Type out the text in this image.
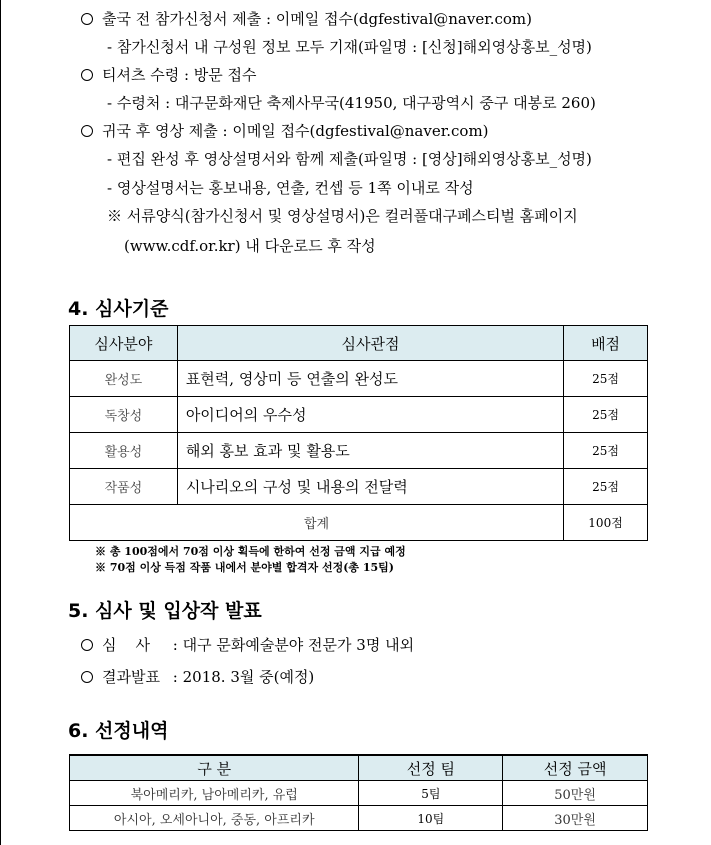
출국 전 참가신청서 제출 : 이메일 접수(dgfestival@naver.com)
- 참가신청서 내 구성원 정보 모두 기재(파일명 : [신청]해외영상홍보_성명)
티셔츠 수령 : 방문 접수
- 수령처 : 대구문화재단 축제사무국(41950, 대구광역시 중구 대봉로 260)
귀국 후 영상 제출 : 이메일 접수(dgfestival@naver.com)
- 편집 완성 후 영상설명서와 함께 제출(파일명 : [영상]해외영상홍보_성명)
- 영상설명서는 홍보내용, 연출, 컨셉 등 1쪽 이내로 작성
※ 서류양식(참가신청서 및 영상설명서)은 컬러풀대구페스티벌 홈페이지
(www.cdf.or.kr) 내 다운로드 후 작성
4. 심사기준
심사분야	심사관점	배점
완성도	표현력, 영상미 등 연출의 완성도	25점
독창성	아이디어의 우수성	25점
활용성	해외 홍보 효과 및 활용도	25점
작품성	시나리오의 구성 및 내용의 전달력	25점
합계		100점
※ 총 100점에서 70점 이상 획득에 한하여 선정 금액 지급 예정
※ 70점 이상 득점 작품 내에서 분야별 합격자 선정(총 15팀)
5. 심사 및 입상작 발표
심    사 : 대구 문화예술분야 전문가 3명 내외
결과발표 : 2018. 3월 중(예정)
6. 선정내역
구 분	선정 팀	선정 금액
북아메리카, 남아메리카, 유럽	5팀	50만원
아시아, 오세아니아, 중동, 아프리카	10팀	30만원
